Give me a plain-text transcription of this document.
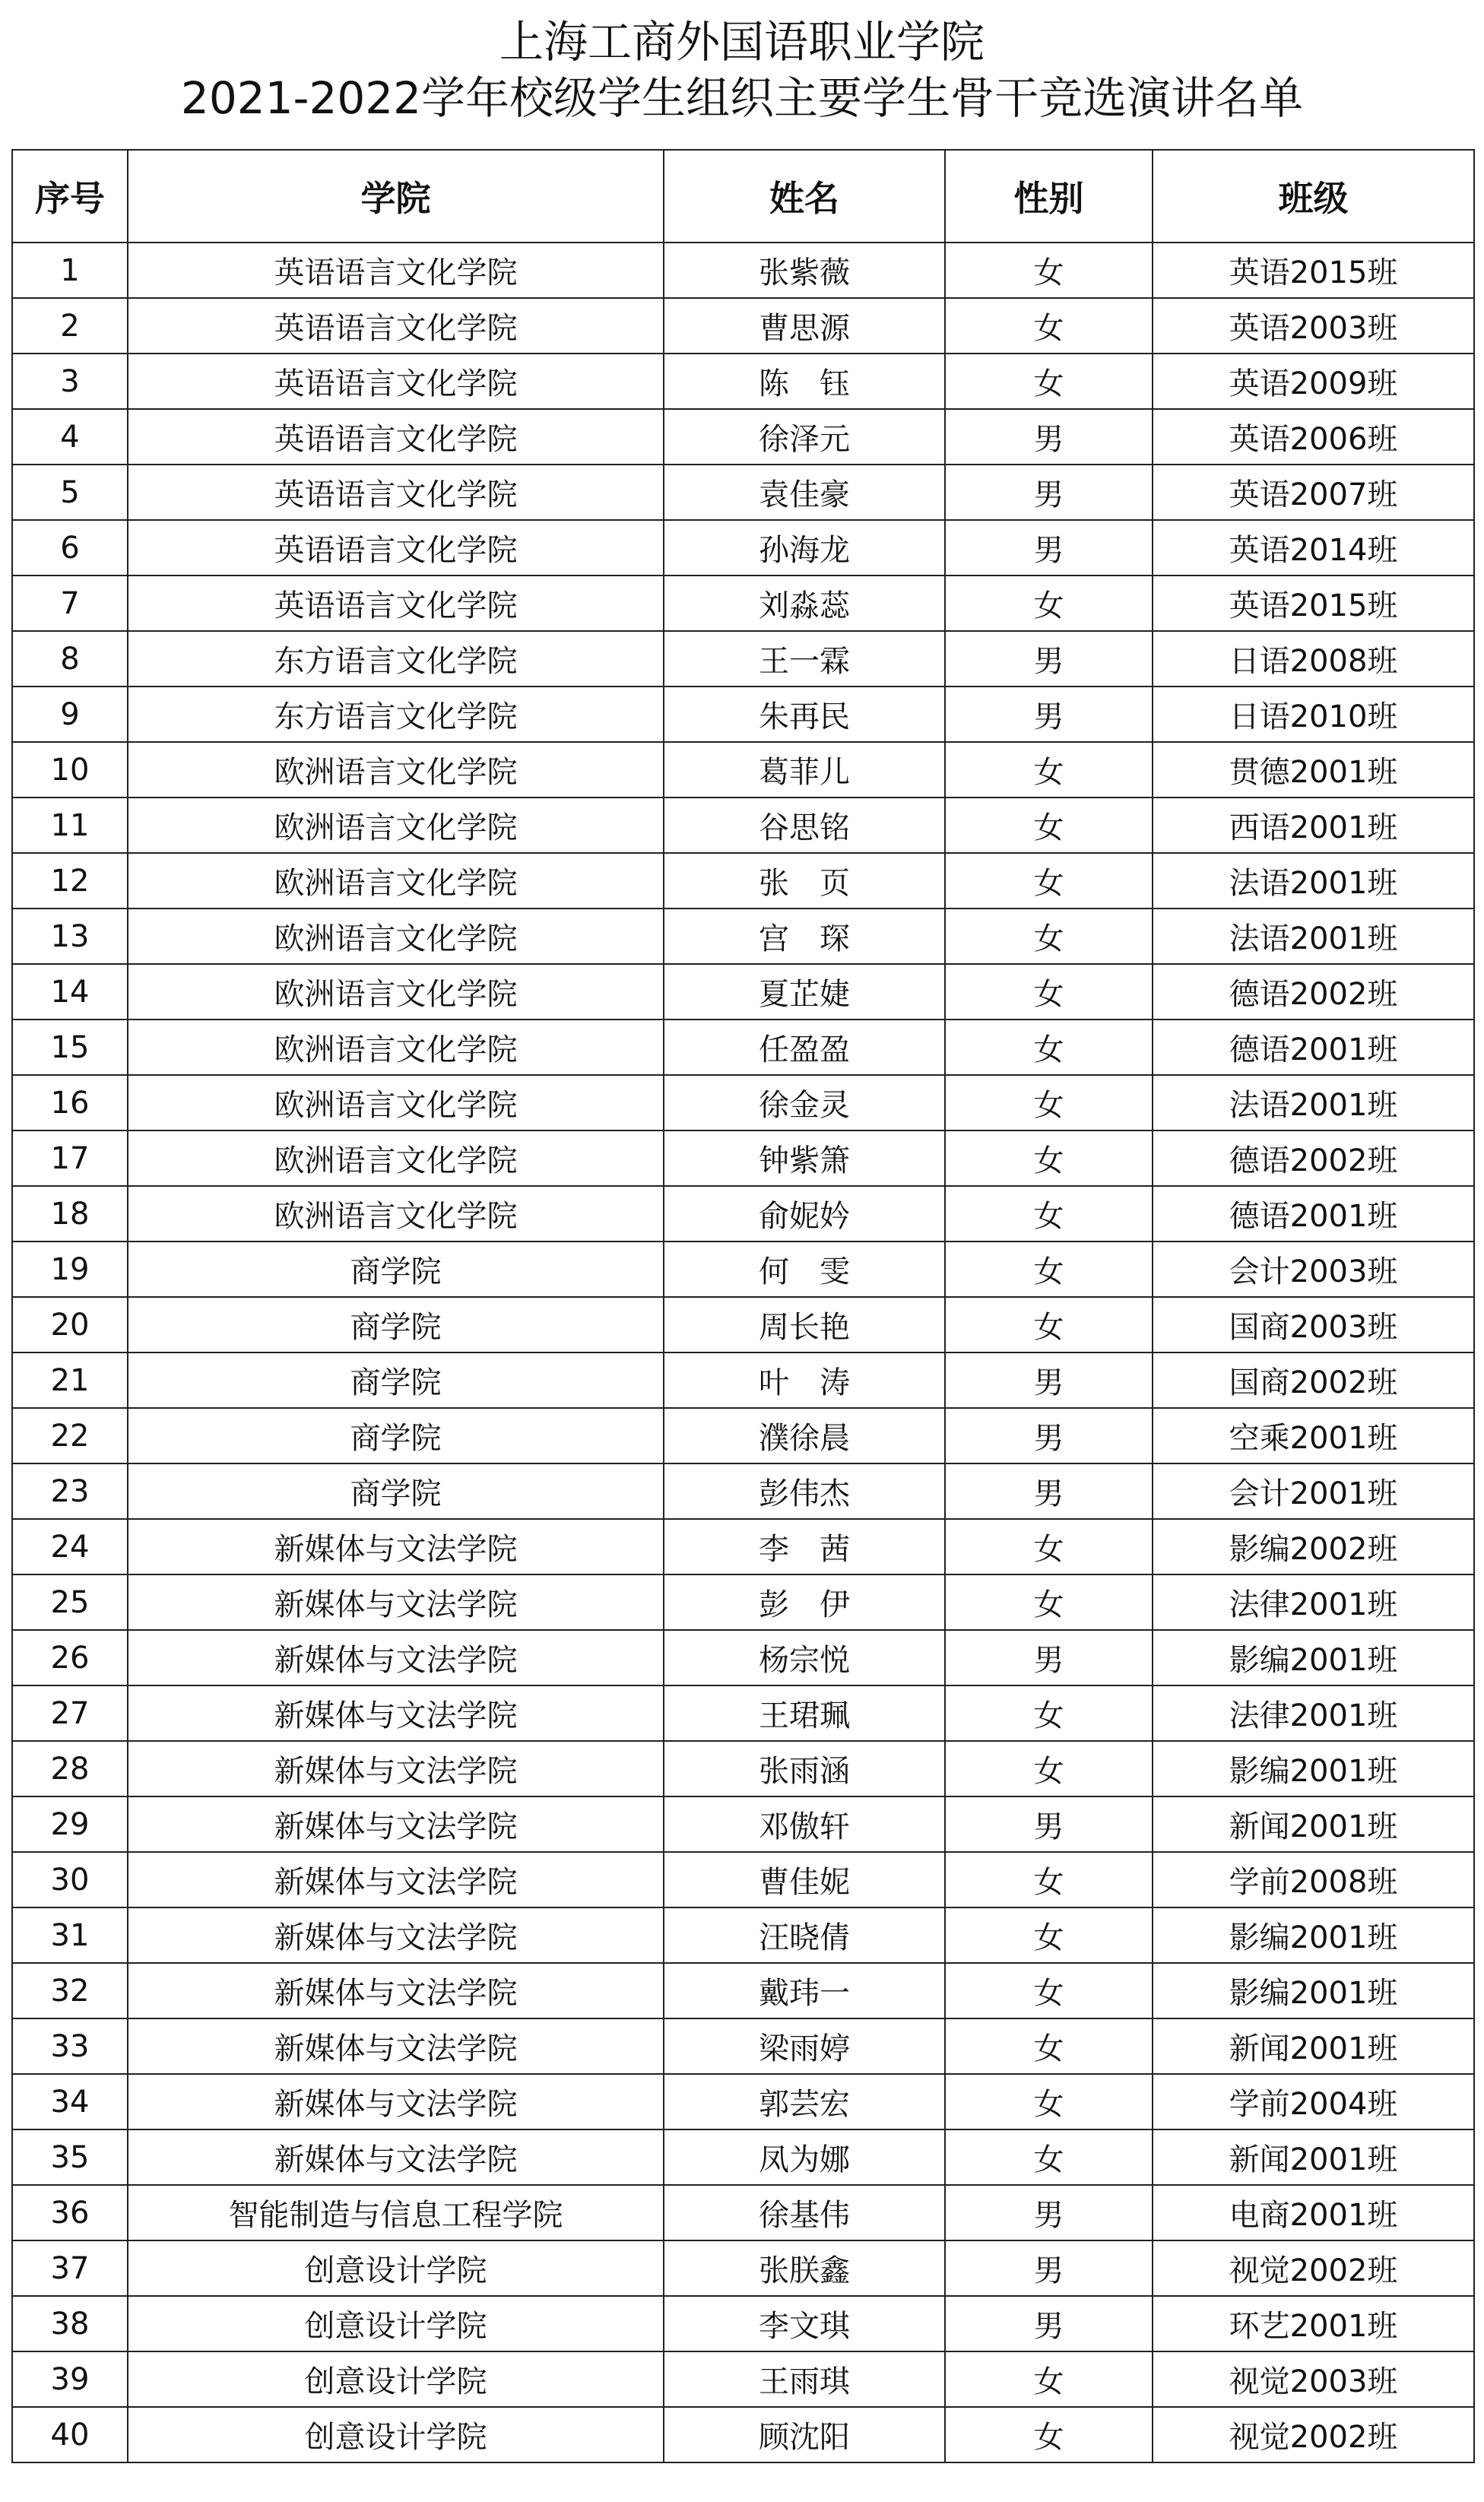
上海工商外国语职业学院
2021-2022学年校级学生组织主要学生骨干竞选演讲名单
序号	学院	姓名	性别	班级
1	英语语言文化学院	张紫薇	女	英语2015班
2	英语语言文化学院	曹思源	女	英语2003班
3	英语语言文化学院	陈　钰	女	英语2009班
4	英语语言文化学院	徐泽元	男	英语2006班
5	英语语言文化学院	袁佳豪	男	英语2007班
6	英语语言文化学院	孙海龙	男	英语2014班
7	英语语言文化学院	刘淼蕊	女	英语2015班
8	东方语言文化学院	王一霖	男	日语2008班
9	东方语言文化学院	朱再民	男	日语2010班
10	欧洲语言文化学院	葛菲儿	女	贯德2001班
11	欧洲语言文化学院	谷思铭	女	西语2001班
12	欧洲语言文化学院	张　页	女	法语2001班
13	欧洲语言文化学院	宫　琛	女	法语2001班
14	欧洲语言文化学院	夏芷婕	女	德语2002班
15	欧洲语言文化学院	任盈盈	女	德语2001班
16	欧洲语言文化学院	徐金灵	女	法语2001班
17	欧洲语言文化学院	钟紫箫	女	德语2002班
18	欧洲语言文化学院	俞妮妗	女	德语2001班
19	商学院	何　雯	女	会计2003班
20	商学院	周长艳	女	国商2003班
21	商学院	叶　涛	男	国商2002班
22	商学院	濮徐晨	男	空乘2001班
23	商学院	彭伟杰	男	会计2001班
24	新媒体与文法学院	李　茜	女	影编2002班
25	新媒体与文法学院	彭　伊	女	法律2001班
26	新媒体与文法学院	杨宗悦	男	影编2001班
27	新媒体与文法学院	王珺珮	女	法律2001班
28	新媒体与文法学院	张雨涵	女	影编2001班
29	新媒体与文法学院	邓傲轩	男	新闻2001班
30	新媒体与文法学院	曹佳妮	女	学前2008班
31	新媒体与文法学院	汪晓倩	女	影编2001班
32	新媒体与文法学院	戴玮一	女	影编2001班
33	新媒体与文法学院	梁雨婷	女	新闻2001班
34	新媒体与文法学院	郭芸宏	女	学前2004班
35	新媒体与文法学院	凤为娜	女	新闻2001班
36	智能制造与信息工程学院	徐基伟	男	电商2001班
37	创意设计学院	张朕鑫	男	视觉2002班
38	创意设计学院	李文琪	男	环艺2001班
39	创意设计学院	王雨琪	女	视觉2003班
40	创意设计学院	顾沈阳	女	视觉2002班
